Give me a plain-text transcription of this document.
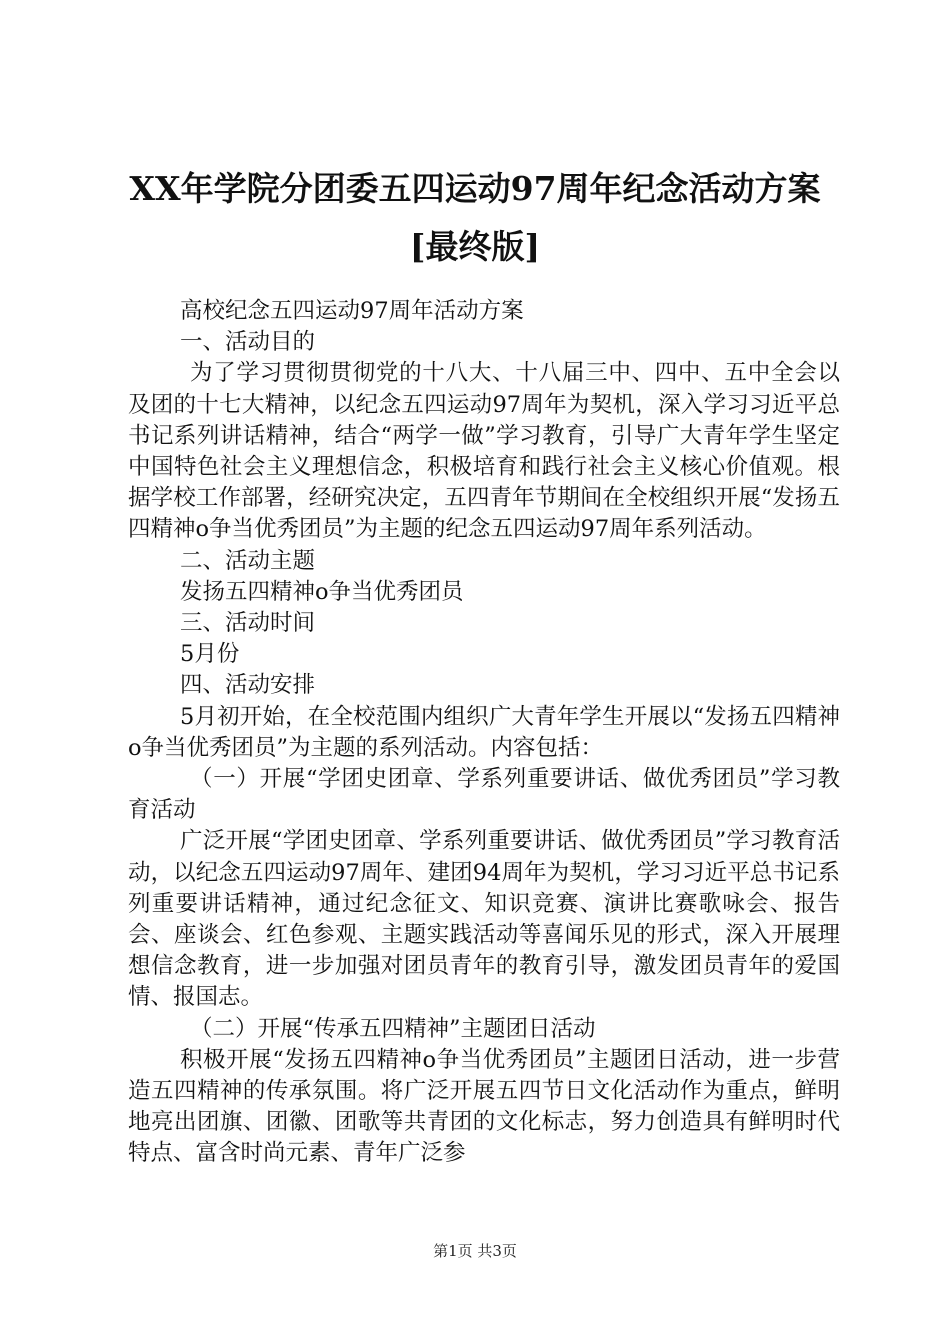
XX年学院分团委五四运动97周年纪念活动方案[最终版]

高校纪念五四运动97周年活动方案

一、活动目的

为了学习贯彻贯彻党的十八大、十八届三中、四中、五中全会以及团的十七大精神，以纪念五四运动97周年为契机，深入学习习近平总书记系列讲话精神，结合“两学一做”学习教育，引导广大青年学生坚定中国特色社会主义理想信念，积极培育和践行社会主义核心价值观。根据学校工作部署，经研究决定，五四青年节期间在全校组织开展“发扬五四精神o争当优秀团员”为主题的纪念五四运动97周年系列活动。

二、活动主题

发扬五四精神o争当优秀团员

三、活动时间

5月份

四、活动安排

5月初开始，在全校范围内组织广大青年学生开展以“发扬五四精神o争当优秀团员”为主题的系列活动。内容包括：

（一）开展“学团史团章、学系列重要讲话、做优秀团员”学习教育活动

广泛开展“学团史团章、学系列重要讲话、做优秀团员”学习教育活动，以纪念五四运动97周年、建团94周年为契机，学习习近平总书记系列重要讲话精神，通过纪念征文、知识竞赛、演讲比赛歌咏会、报告会、座谈会、红色参观、主题实践活动等喜闻乐见的形式，深入开展理想信念教育，进一步加强对团员青年的教育引导，激发团员青年的爱国情、报国志。

（二）开展“传承五四精神”主题团日活动

积极开展“发扬五四精神o争当优秀团员”主题团日活动，进一步营造五四精神的传承氛围。将广泛开展五四节日文化活动作为重点，鲜明地亮出团旗、团徽、团歌等共青团的文化标志，努力创造具有鲜明时代特点、富含时尚元素、青年广泛参

第1页 共3页
